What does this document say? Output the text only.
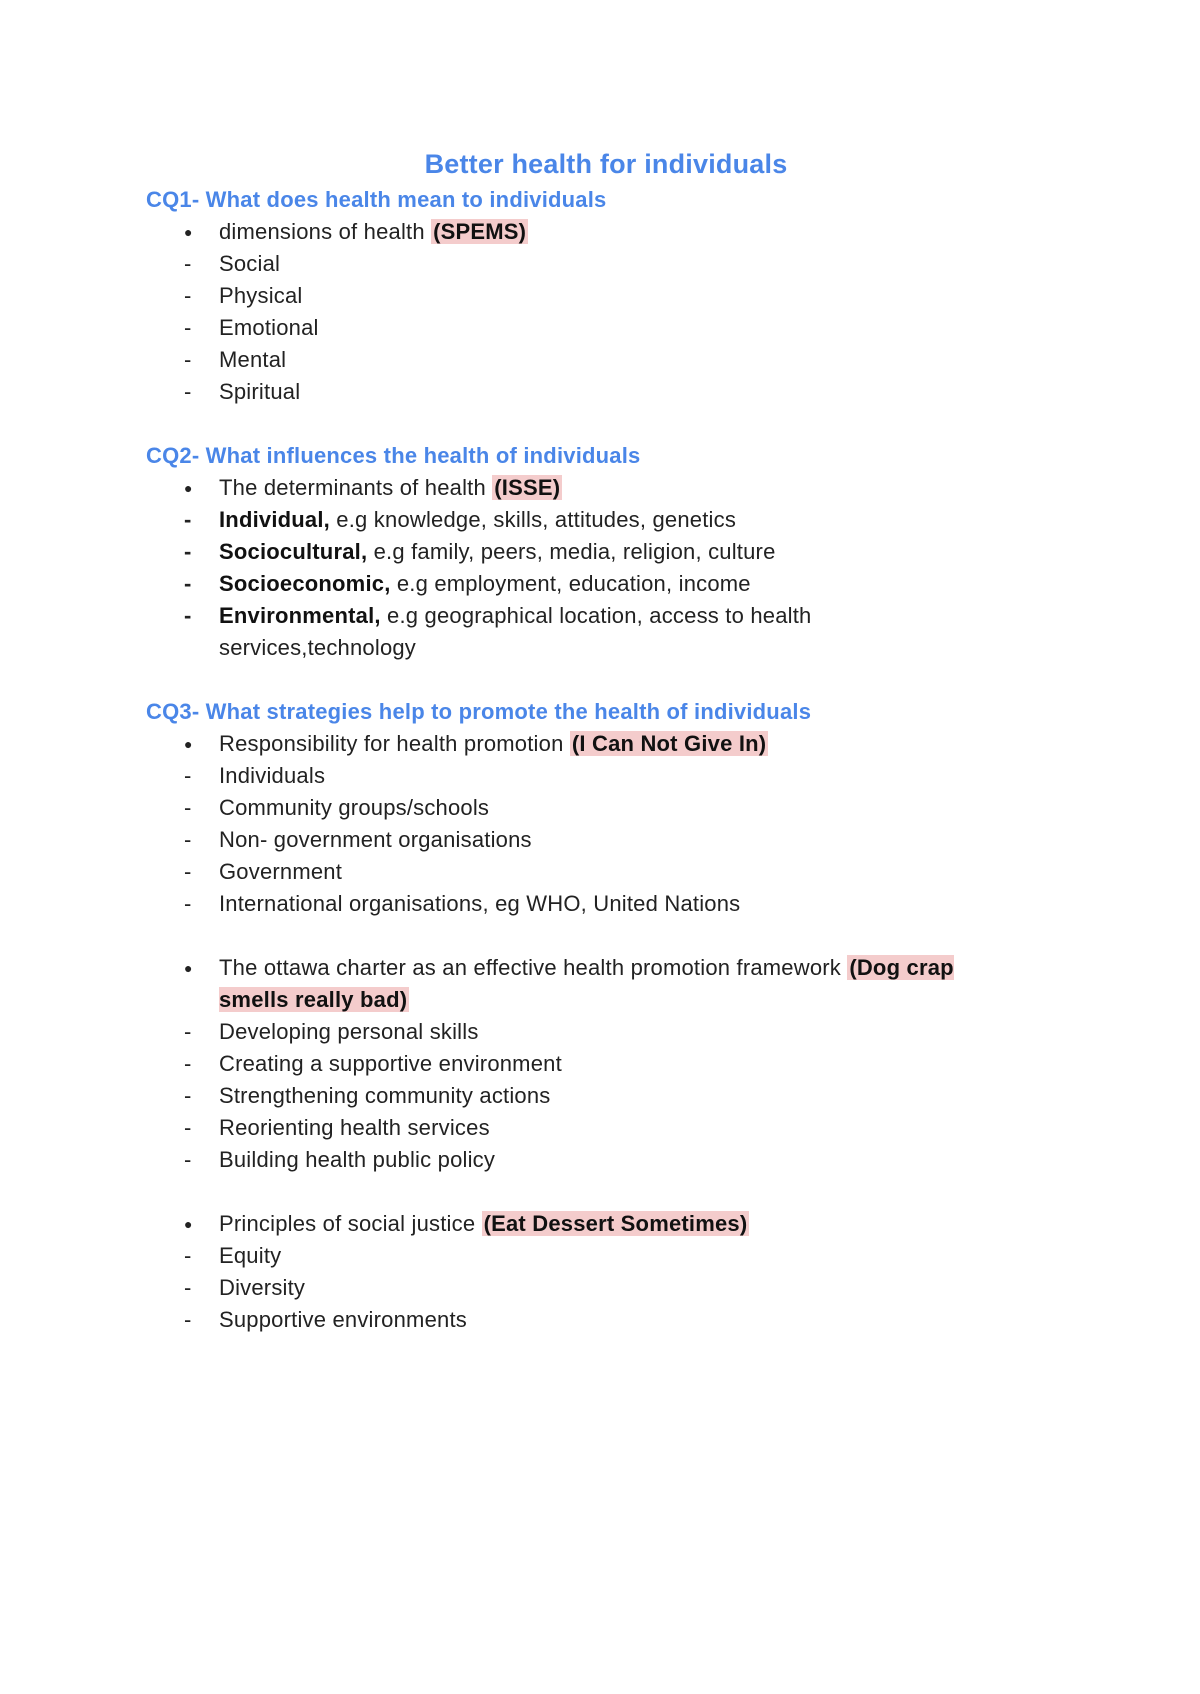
Better health for individuals
CQ1- What does health mean to individuals
●	dimensions of health (SPEMS)
-	Social
-	Physical
-	Emotional
-	Mental
-	Spiritual
CQ2- What influences the health of individuals
●	The determinants of health (ISSE)
-	Individual, e.g knowledge, skills, attitudes, genetics
-	Sociocultural, e.g family, peers, media, religion, culture
-	Socioeconomic, e.g employment, education, income
-	Environmental, e.g geographical location, access to health services,technology
CQ3- What strategies help to promote the health of individuals
●	Responsibility for health promotion (I Can Not Give In)
-	Individuals
-	Community groups/schools
-	Non- government organisations
-	Government
-	International organisations, eg WHO, United Nations
●	The ottawa charter as an effective health promotion framework (Dog crap smells really bad)
-	Developing personal skills
-	Creating a supportive environment
-	Strengthening community actions
-	Reorienting health services
-	Building health public policy
●	Principles of social justice (Eat Dessert Sometimes)
-	Equity
-	Diversity
-	Supportive environments
